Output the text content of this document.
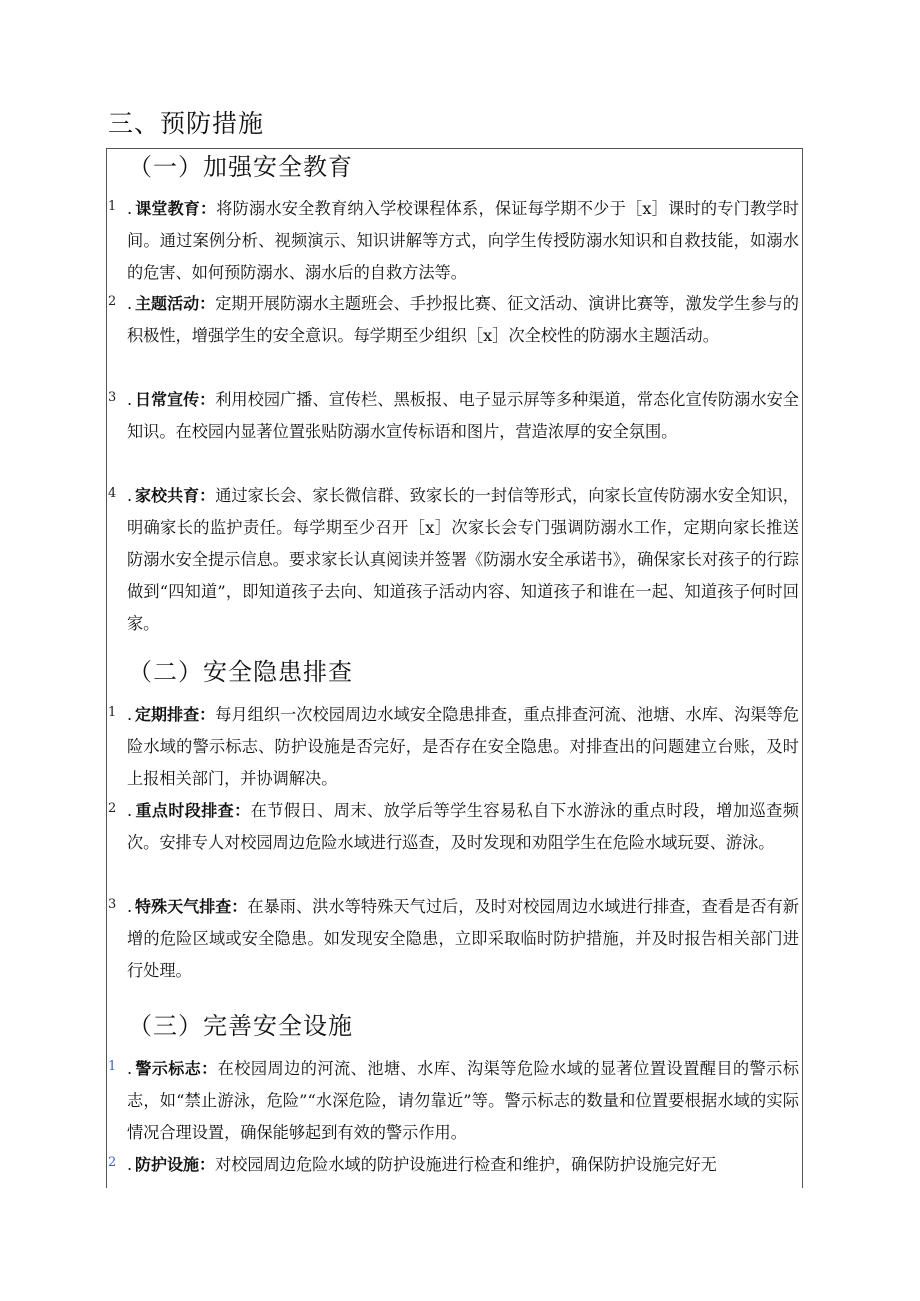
三、预防措施
（一）加强安全教育
1 . 课堂教育：将防溺水安全教育纳入学校课程体系，保证每学期不少于［x］课时的专门教学时间。通过案例分析、视频演示、知识讲解等方式，向学生传授防溺水知识和自救技能，如溺水的危害、如何预防溺水、溺水后的自救方法等。

2 . 主题活动：定期开展防溺水主题班会、手抄报比赛、征文活动、演讲比赛等，激发学生参与的积极性，增强学生的安全意识。每学期至少组织［x］次全校性的防溺水主题活动。

3 . 日常宣传：利用校园广播、宣传栏、黑板报、电子显示屏等多种渠道，常态化宣传防溺水安全知识。在校园内显著位置张贴防溺水宣传标语和图片，营造浓厚的安全氛围。

4 . 家校共育：通过家长会、家长微信群、致家长的一封信等形式，向家长宣传防溺水安全知识，明确家长的监护责任。每学期至少召开［x］次家长会专门强调防溺水工作，定期向家长推送防溺水安全提示信息。要求家长认真阅读并签署《防溺水安全承诺书》，确保家长对孩子的行踪做到“四知道”，即知道孩子去向、知道孩子活动内容、知道孩子和谁在一起、知道孩子何时回家。

（二）安全隐患排查
1 . 定期排查：每月组织一次校园周边水域安全隐患排查，重点排查河流、池塘、水库、沟渠等危险水域的警示标志、防护设施是否完好，是否存在安全隐患。对排查出的问题建立台账，及时上报相关部门，并协调解决。

2 . 重点时段排查：在节假日、周末、放学后等学生容易私自下水游泳的重点时段，增加巡查频次。安排专人对校园周边危险水域进行巡查，及时发现和劝阻学生在危险水域玩耍、游泳。

3 . 特殊天气排查：在暴雨、洪水等特殊天气过后，及时对校园周边水域进行排查，查看是否有新增的危险区域或安全隐患。如发现安全隐患，立即采取临时防护措施，并及时报告相关部门进行处理。

（三）完善安全设施
1 . 警示标志：在校园周边的河流、池塘、水库、沟渠等危险水域的显著位置设置醒目的警示标志，如“禁止游泳，危险”“水深危险，请勿靠近”等。警示标志的数量和位置要根据水域的实际情况合理设置，确保能够起到有效的警示作用。

2 . 防护设施：对校园周边危险水域的防护设施进行检查和维护，确保防护设施完好无
